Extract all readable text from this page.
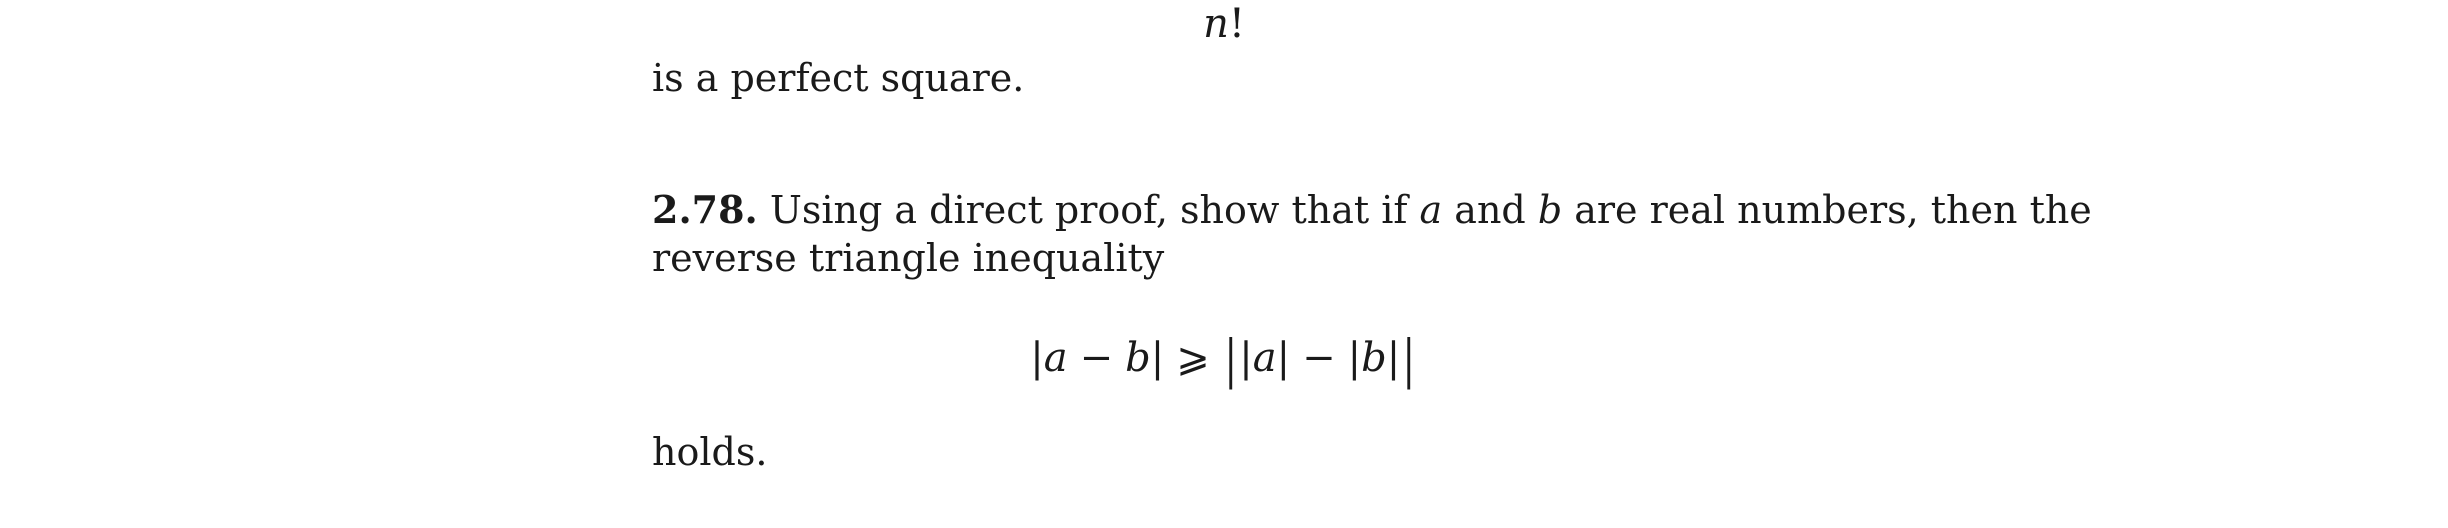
n!
is a perfect square.
2.78. Using a direct proof, show that if a and b are real numbers, then the
reverse triangle inequality
|a − b| ⩾ ||a| − |b||
holds.
